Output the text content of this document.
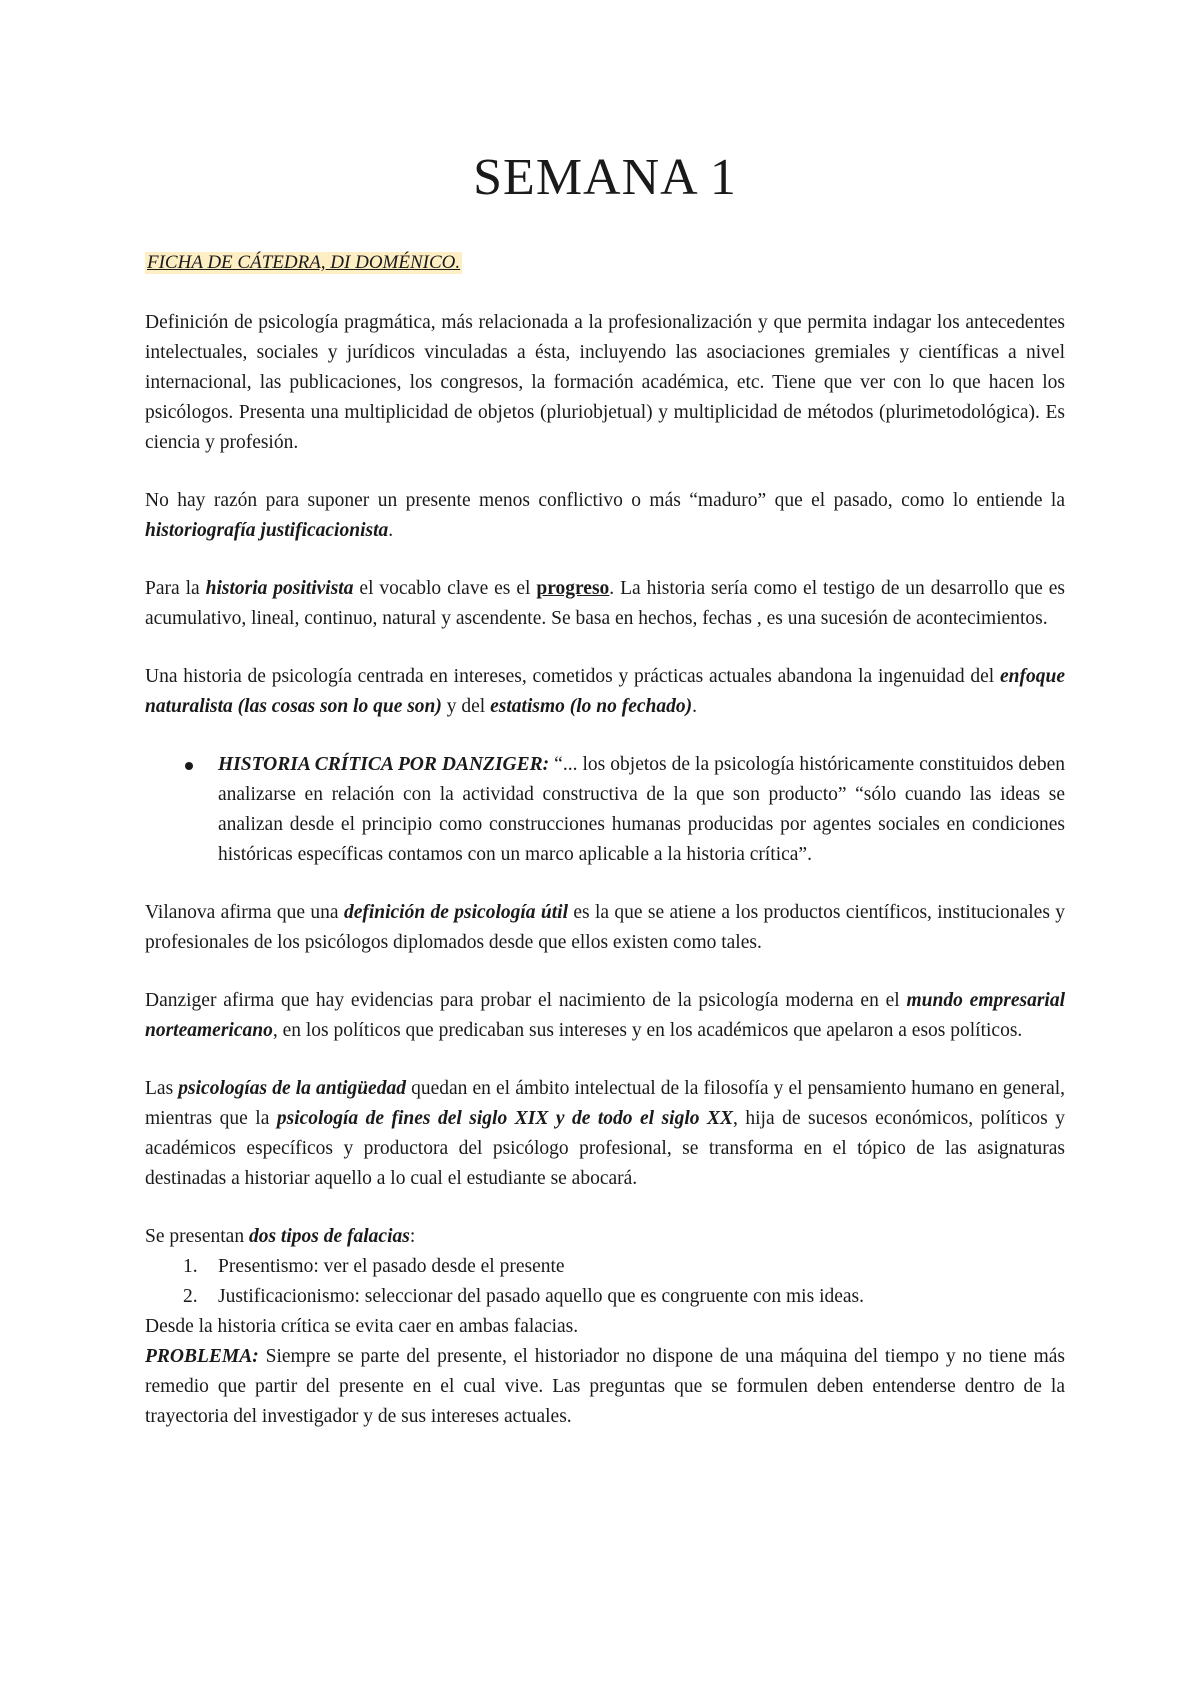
SEMANA 1
FICHA DE CÁTEDRA, DI DOMÉNICO.

Definición de psicología pragmática, más relacionada a la profesionalización y que permita indagar los antecedentes intelectuales, sociales y jurídicos vinculadas a ésta, incluyendo las asociaciones gremiales y científicas a nivel internacional, las publicaciones, los congresos, la formación académica, etc. Tiene que ver con lo que hacen los psicólogos. Presenta una multiplicidad de objetos (pluriobjetual) y multiplicidad de métodos (plurimetodológica). Es ciencia y profesión.

No hay razón para suponer un presente menos conflictivo o más “maduro” que el pasado, como lo entiende la historiografía justificacionista.

Para la historia positivista el vocablo clave es el progreso. La historia sería como el testigo de un desarrollo que es acumulativo, lineal, continuo, natural y ascendente. Se basa en hechos, fechas , es una sucesión de acontecimientos.

Una historia de psicología centrada en intereses, cometidos y prácticas actuales abandona la ingenuidad del enfoque naturalista (las cosas son lo que son) y del estatismo (lo no fechado).

HISTORIA CRÍTICA POR DANZIGER: “... los objetos de la psicología históricamente constituidos deben analizarse en relación con la actividad constructiva de la que son producto” “sólo cuando las ideas se analizan desde el principio como construcciones humanas producidas por agentes sociales en condiciones históricas específicas contamos con un marco aplicable a la historia crítica”.

Vilanova afirma que una definición de psicología útil es la que se atiene a los productos científicos, institucionales y profesionales de los psicólogos diplomados desde que ellos existen como tales.

Danziger afirma que hay evidencias para probar el nacimiento de la psicología moderna en el mundo empresarial norteamericano, en los políticos que predicaban sus intereses y en los académicos que apelaron a esos políticos.

Las psicologías de la antigüedad quedan en el ámbito intelectual de la filosofía y el pensamiento humano en general, mientras que la psicología de fines del siglo XIX y de todo el siglo XX, hija de sucesos económicos, políticos y académicos específicos y productora del psicólogo profesional, se transforma en el tópico de las asignaturas destinadas a historiar aquello a lo cual el estudiante se abocará.

Se presentan dos tipos de falacias:

1. Presentismo: ver el pasado desde el presente
2. Justificacionismo: seleccionar del pasado aquello que es congruente con mis ideas.

Desde la historia crítica se evita caer en ambas falacias.

PROBLEMA: Siempre se parte del presente, el historiador no dispone de una máquina del tiempo y no tiene más remedio que partir del presente en el cual vive. Las preguntas que se formulen deben entenderse dentro de la trayectoria del investigador y de sus intereses actuales.
